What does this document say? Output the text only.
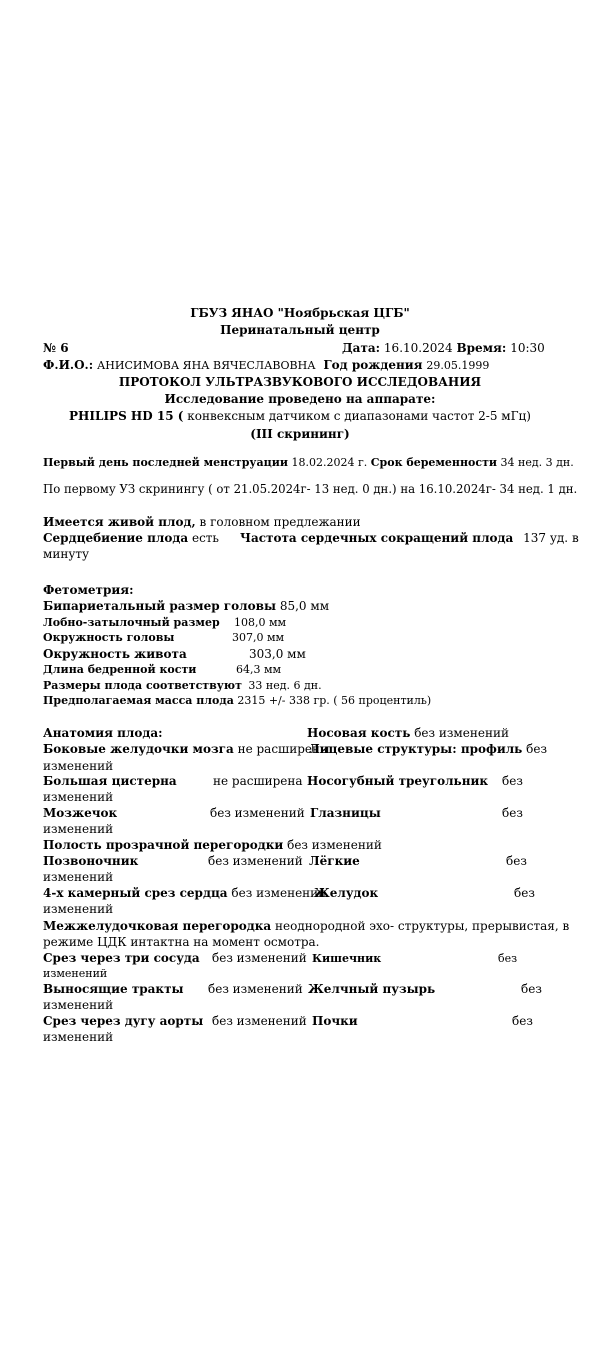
ГБУЗ ЯНАО "Ноябрьская ЦГБ"
Перинатальный центр
№ 6	Дата: 16.10.2024 Время: 10:30
Ф.И.О.: АНИСИМОВА ЯНА ВЯЧЕСЛАВОВНА Год рождения 29.05.1999
ПРОТОКОЛ УЛЬТРАЗВУКОВОГО ИССЛЕДОВАНИЯ
Исследование проведено на аппарате:
PHILIPS HD 15 ( конвексным датчиком с диапазонами частот 2-5 мГц)
(III скрининг)
Первый день последней менструации 18.02.2024 г. Срок беременности 34 нед. 3 дн.
По первому УЗ скринингу ( от 21.05.2024г- 13 нед. 0 дн.) на 16.10.2024г- 34 нед. 1 дн.
Имеется живой плод, в головном предлежании
Сердцебиение плода есть Частота сердечных сокращений плода 137 уд. в
минуту
Фетометрия:
Бипариетальный размер головы 85,0 мм
Лобно-затылочный размер 108,0 мм
Окружность головы	307,0 мм
Окружность живота	303,0 мм
Длина бедренной кости	64,3 мм
Размеры плода соответствуют 33 нед. 6 дн.
Предполагаемая масса плода 2315 +/- 338 гр. ( 56 процентиль)
Анатомия плода:	Носовая кость без изменений
Боковые желудочки мозга не расширены
Лицевые структуры: профиль без
изменений
Большая цистерна	не расширена Носогубный треугольник без
изменений
Мозжечок	без изменений Глазницы	без
изменений
Полость прозрачной перегородки без изменений
Позвоночник	без изменений Лёгкие	без
изменений
4-х камерный срез сердца без изменений
Желудок	без
изменений
Межжелудочковая перегородка неоднородной эхо- структуры, прерывистая, в
режиме ЦДК интактна на момент осмотра.
Срез через три сосуда без изменений Кишечник	без
изменений
Выносящие тракты без изменений Желчный пузырь	без
изменений
Срез через дугу аорты без изменений Почки	без
изменений
